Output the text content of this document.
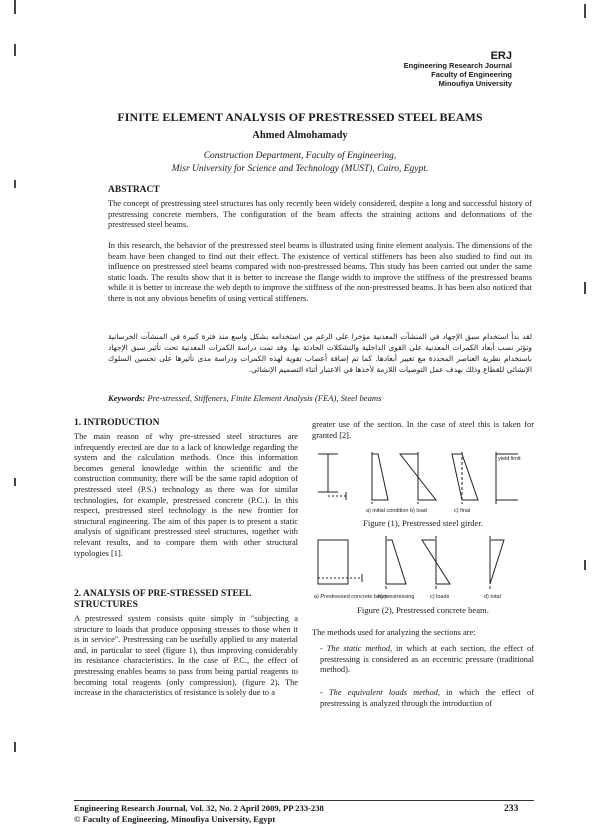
ERJ
Engineering Research Journal
Faculty of Engineering
Minoufiya University
FINITE ELEMENT ANALYSIS OF PRESTRESSED STEEL BEAMS
Ahmed Almohamady
Construction Department, Faculty of Engineering,
Misr University for Science and Technology (MUST), Cairo, Egypt.
ABSTRACT
The concept of prestressing steel structures has only recently been widely considered, despite a long and successful history of prestressing concrete members. The configuration of the beam affects the straining actions and deformations of the prestressed steel beams.
In this research, the behavior of the prestressed steel beams is illustrated using finite element analysis. The dimensions of the beam have been changed to find out their effect. The existence of vertical stiffeners has been also studied to find out its influence on prestressed steel beams compared with non-prestressed beams. This study has been carried out under the same static loads. The results show that it is better to increase the flange width to improve the stiffness of the prestressed beams while it is better to increase the web depth to improve the stiffness of the non-prestressed beams. It has been also noticed that there is not any obvious benefits of using vertical stiffeners.
لقد بدأ استخدام سبق الإجهاد في المنشآت المعدنية مؤخرا على الرغم من استخدامه بشكل واسع منذ فترة كبيرة في المنشآت الخرسانية وتؤثر نسب أبعاد الكمرات المعدنية على القوى الداخلية والتشكلات الحادثة بها. وقد تمت دراسة الكمرات المعدنية تحت تأثير سبق الإجهاد باستخدام نظرية العناصر المحددة مع تغيير أبعادها. كما تم إضافة أعصاب تقوية لهذه الكمرات ودراسة مدى تأثيرها على تحسين السلوك الإنشائي للقطاع وذلك بهدف عمل التوصيات اللازمة لأخذها في الاعتبار أثناء التصميم الإنشائي.
Keywords: Pre-stressed, Stiffeners, Finite Element Analysis (FEA), Steel beams
1. INTRODUCTION
The main reason of why pre-stressed steel structures are infrequently erected are due to a lack of knowledge regarding the system and the calculation methods. Once this information becomes general knowledge within the scientific and the construction community, there will be the same rapid adoption of prestressed steel (P.S.) technology as there was for similar technologies, for example, prestressed concrete (P.C.). In this respect, prestressed steel technology is the new frontier for structural engineering. The aim of this paper is to present a static analysis of significant prestressed steel structures, together with relevant results, and to compare them with other structural typologies [1].
2. ANALYSIS OF PRE-STRESSED STEEL STRUCTURES
A prestressed system consists quite simply in "subjecting a structure to loads that produce opposing stresses to those when it is in service". Prestressing can be usefully applied to any material and, in particular to steel (figure 1), thus improving considerably its resistance characteristics. In the case of P.C., the effect of prestressing enables beams to pass from being partial reagents to becoming total reagents (only compression), (figure 2). The increase in the characteristics of resistance is solely due to a
greater use of the section. In the case of steel this is taken for granted [2].
a) initial condition b) load	c) final
yield limit
Figure (1), Prestressed steel girder.
a) Prestressed concrete beam
b) prestressing	c) loads	d) total
Figure (2), Prestressed concrete beam.
The methods used for analyzing the sections are:
- The static method, in which at each section, the effect of prestressing is considered as an eccentric pressure (traditional method).
- The equivalent loads method, in which the effect of prestressing is analyzed through the introduction of
Engineering Research Journal, Vol. 32, No. 2 April 2009, PP 233-238
© Faculty of Engineering, Minoufiya University, Egypt
233
